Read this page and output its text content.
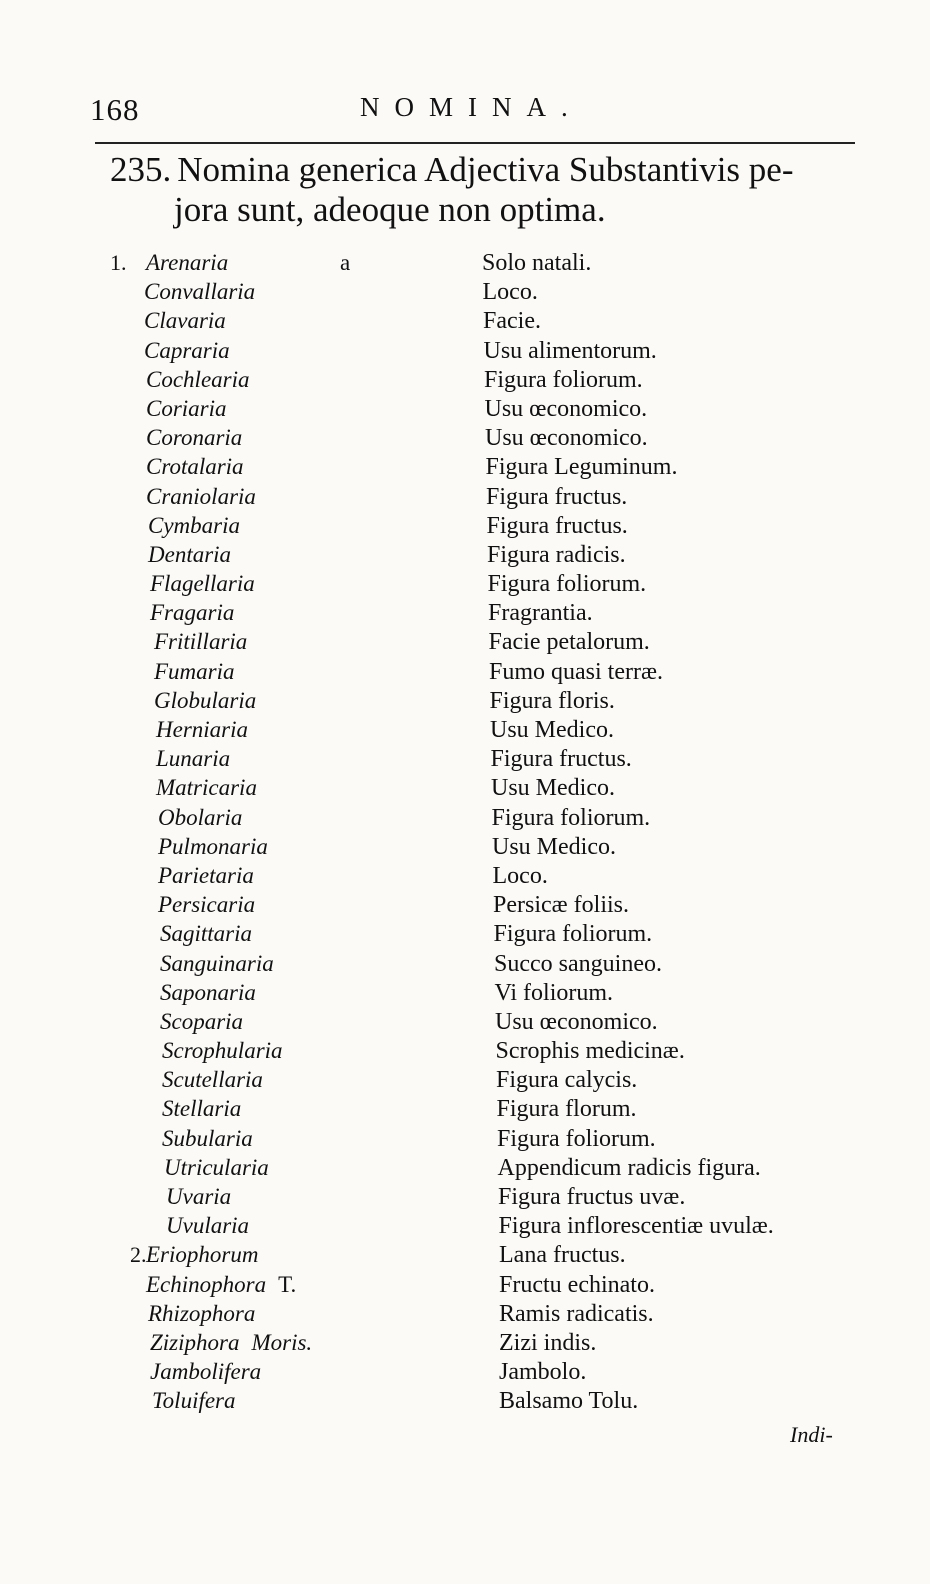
168	NOMINA.
235. Nomina generica Adjectiva Substantivis pe-
jora sunt, adeoque non optima.
1. Arenaria	a	Solo natali.
Convallaria	Loco.
Clavaria	Facie.
Capraria	Usu alimentorum.
Cochlearia	Figura foliorum.
Coriaria	Usu œconomico.
Coronaria	Usu œconomico.
Crotalaria	Figura Leguminum.
Craniolaria	Figura fructus.
Cymbaria	Figura fructus.
Dentaria	Figura radicis.
Flagellaria	Figura foliorum.
Fragaria	Fragrantia.
Fritillaria	Facie petalorum.
Fumaria	Fumo quasi terræ.
Globularia	Figura floris.
Herniaria	Usu Medico.
Lunaria	Figura fructus.
Matricaria	Usu Medico.
Obolaria	Figura foliorum.
Pulmonaria	Usu Medico.
Parietaria	Loco.
Persicaria	Persicæ foliis.
Sagittaria	Figura foliorum.
Sanguinaria	Succo sanguineo.
Saponaria	Vi foliorum.
Scoparia	Usu œconomico.
Scrophularia	Scrophis medicinæ.
Scutellaria	Figura calycis.
Stellaria	Figura florum.
Subularia	Figura foliorum.
Utricularia	Appendicum radicis figura.
Uvaria	Figura fructus uvæ.
Uvularia	Figura inflorescentiæ uvulæ.
2. Eriophorum	Lana fructus.
Echinophora T.	Fructu echinato.
Rhizophora	Ramis radicatis.
Ziziphora Moris.	Zizi indis.
Jambolifera	Jambolo.
Toluifera	Balsamo Tolu.
Indi-
